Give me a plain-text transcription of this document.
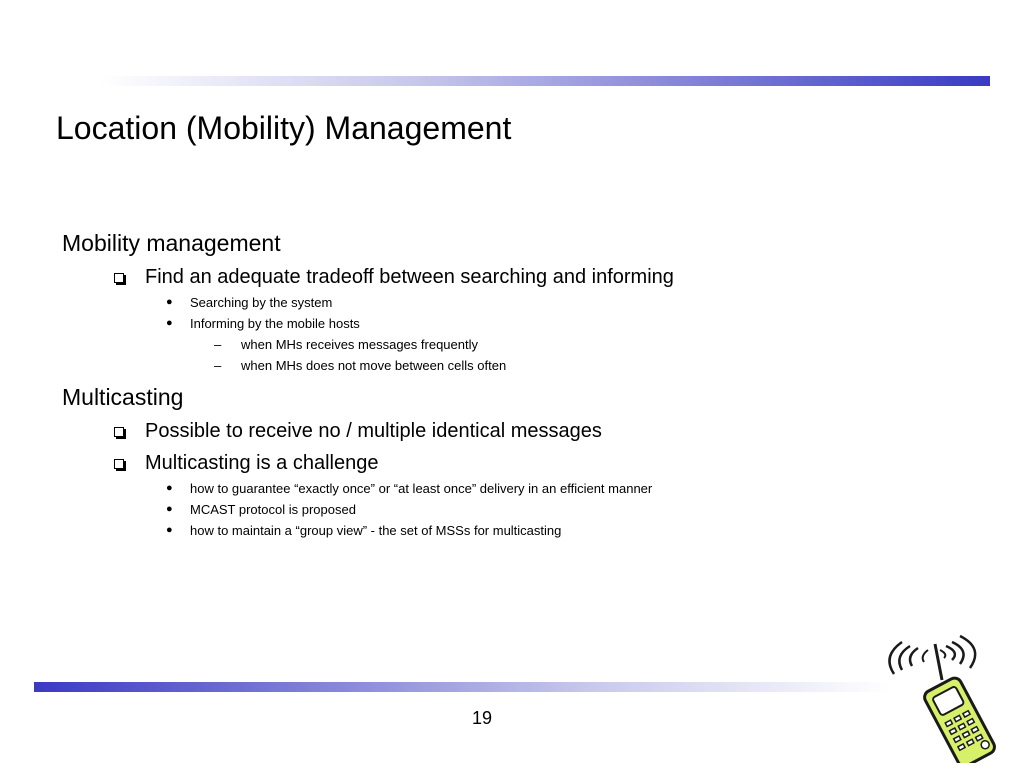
Location (Mobility) Management
Mobility management
Find an adequate tradeoff between searching and informing
● Searching by the system
● Informing by the mobile hosts
– when MHs receives messages frequently
– when MHs does not move between cells often
Multicasting
Possible to receive no / multiple identical messages
Multicasting is a challenge
● how to guarantee “exactly once” or “at least once” delivery in an efficient manner
● MCAST protocol is proposed
● how to maintain a “group view” - the set of MSSs for multicasting
19
